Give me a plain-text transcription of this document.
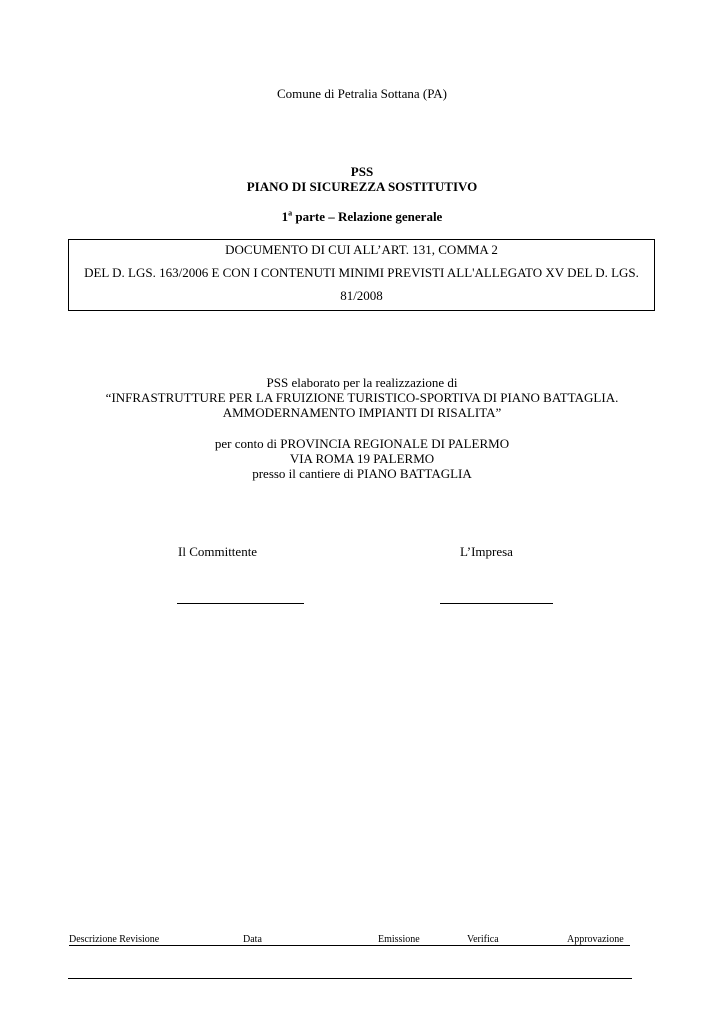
Comune di Petralia Sottana (PA)
PSS
PIANO DI SICUREZZA SOSTITUTIVO
1$^a$ parte – Relazione generale
DOCUMENTO DI CUI ALL’ART. 131, COMMA 2
DEL D. LGS. 163/2006 E CON I CONTENUTI MINIMI PREVISTI ALL'ALLEGATO XV DEL D. LGS.
81/2008
PSS elaborato per la realizzazione di
“INFRASTRUTTURE PER LA FRUIZIONE TURISTICO-SPORTIVA DI PIANO BATTAGLIA.
AMMODERNAMENTO IMPIANTI DI RISALITA”
per conto di PROVINCIA REGIONALE DI PALERMO
VIA ROMA 19 PALERMO
presso il cantiere di PIANO BATTAGLIA
Il Committente	L’Impresa
Descrizione Revisione	Data	Emissione	Verifica	Approvazione
